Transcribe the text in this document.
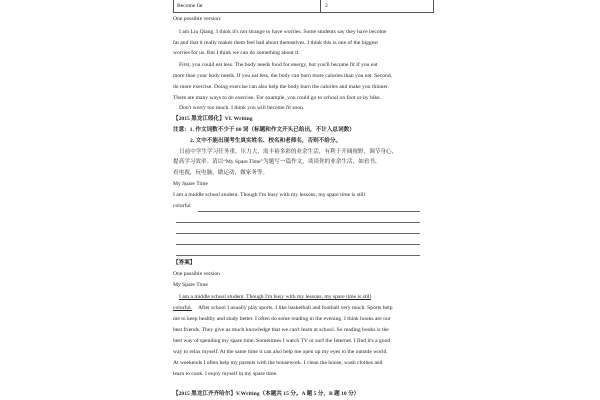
Become fat	2
One possible version:
I am Liu Qiang. I think it's not strange to have worries. Some students say they have become
fat and that it really makes them feel bad about themselves. I think this is one of the biggest
worries for us. But I think we can do something about it.
First, you could eat less. The body needs food for energy, but you'll become fit if you eat
more than your body needs. If you eat less, the body can burn more calories than you eat. Second,
do more exercise. Doing exercise can also help the body burn the calories and make you thinner.
There are many ways to do exercise. For example, you could go to school on foot or by bike.
Don't worry too much. I think you will become fit soon.
【2015 黑龙江绥化】VI. Writing
注意：1. 作文词数不少于 80 词（标题和作文开头已给出，不计入总词数）
2. 文中不能出现考生真实姓名、校名和老师名，否则不给分。
日前中学生学习任务重，压力大，需丰裕多彩的业余生活，有利于开阔视野，调节身心，
提高学习效率。请以“My Spare Time”为题写一篇作文，谈谈你的业余生活，如看书，
看电视，玩电脑，做运动，做家务等。
My Spare Time
I am a middle school student. Though I'm busy with my lessons, my spare time is still
colorful
【答案】
One possible version
My Spare Time
I am a middle school student. Though I'm busy with my lessons, my spare time is still
colorful. After school I usually play sports. I like basketball and football very much. Sports help
me to keep healthy and study better. I often do some reading in the evening. I think books are our
best friends. They give us much knowledge that we can't learn at school. So reading books is the
best way of spending my spare time. Sometimes I watch TV or surf the Internet. I find it's a good
way to relax myself. At the same time it can also help me open up my eyes to the outside world.
At weekends I often help my parents with the housework. I clean the house, wash clothes and
learn to cook. I enjoy myself in my spare time.
【2015 黑龙江齐齐哈尔】V.Writing（本题共 15 分。A 题 5 分，B 题 10 分）
